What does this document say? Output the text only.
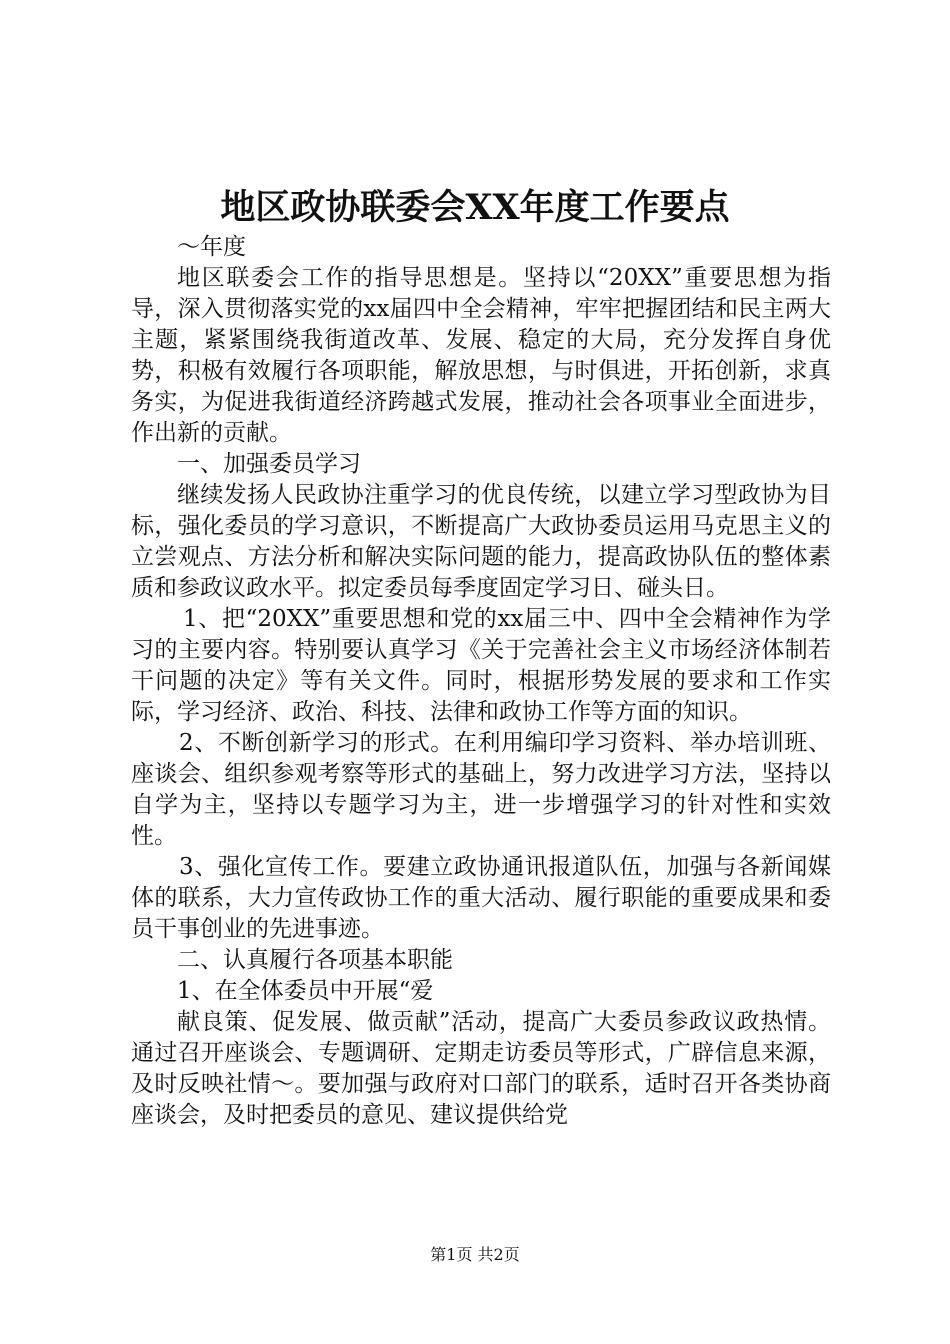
地区政协联委会XX年度工作要点

～年度

地区联委会工作的指导思想是。坚持以“20XX”重要思想为指导，深入贯彻落实党的xx届四中全会精神，牢牢把握团结和民主两大主题，紧紧围绕我街道改革、发展、稳定的大局，充分发挥自身优势，积极有效履行各项职能，解放思想，与时俱进，开拓创新，求真务实，为促进我街道经济跨越式发展，推动社会各项事业全面进步，作出新的贡献。

一、加强委员学习

继续发扬人民政协注重学习的优良传统，以建立学习型政协为目标，强化委员的学习意识，不断提高广大政协委员运用马克思主义的立尝观点、方法分析和解决实际问题的能力，提高政协队伍的整体素质和参政议政水平。拟定委员每季度固定学习日、碰头日。

1、把“20XX”重要思想和党的xx届三中、四中全会精神作为学习的主要内容。特别要认真学习《关于完善社会主义市场经济体制若干问题的决定》等有关文件。同时，根据形势发展的要求和工作实际，学习经济、政治、科技、法律和政协工作等方面的知识。

2、不断创新学习的形式。在利用编印学习资料、举办培训班、座谈会、组织参观考察等形式的基础上，努力改进学习方法，坚持以自学为主，坚持以专题学习为主，进一步增强学习的针对性和实效性。

3、强化宣传工作。要建立政协通讯报道队伍，加强与各新闻媒体的联系，大力宣传政协工作的重大活动、履行职能的重要成果和委员干事创业的先进事迹。

二、认真履行各项基本职能

1、在全体委员中开展“爱

献良策、促发展、做贡献”活动，提高广大委员参政议政热情。通过召开座谈会、专题调研、定期走访委员等形式，广辟信息来源，及时反映社情～。要加强与政府对口部门的联系，适时召开各类协商座谈会，及时把委员的意见、建议提供给党

第1页 共2页
